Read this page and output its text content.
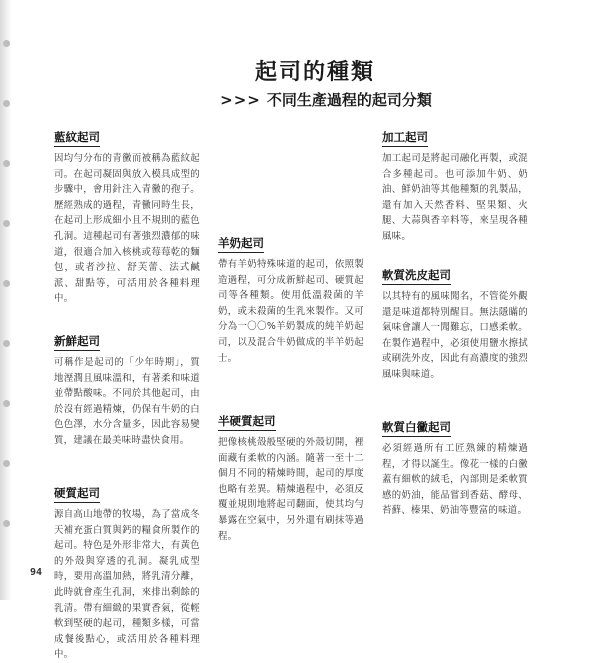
起司的種類
>>> 不同生產過程的起司分類
藍紋起司
因均勻分布的青黴而被稱為藍紋起司。在起司凝固與放入模具成型的步驟中，會用針注入青黴的孢子。歷經熟成的過程，青黴同時生長，在起司上形成細小且不規則的藍色孔洞。這種起司有著強烈濃郁的味道，很適合加入核桃或莓莓乾的麵包，或者沙拉、舒芙蕾、法式鹹派、甜點等，可活用於各種料理中。
新鮮起司
可稱作是起司的「少年時期」，質地溼潤且風味溫和，有著柔和味道並帶點酸味。不同於其他起司，由於沒有經過精煉，仍保有牛奶的白色色澤，水分含量多，因此容易變質，建議在最美味時盡快食用。
硬質起司
源自高山地帶的牧場，為了當成冬天補充蛋白質與鈣的糧食所製作的起司。特色是外形非常大，有黃色的外殼與穿透的孔洞。凝乳成型時，要用高溫加熱，將乳清分離，此時就會產生孔洞，來排出剩餘的乳清。帶有細緻的果實香氣，從輕軟到堅硬的起司，種類多樣，可當成餐後點心，或活用於各種料理中。
羊奶起司
帶有羊奶特殊味道的起司，依照製造過程，可分成新鮮起司、硬質起司等各種類。使用低溫殺菌的羊奶，或未殺菌的生乳來製作。又可分為一〇〇%羊奶製成的純羊奶起司，以及混合牛奶做成的半羊奶起士。
半硬質起司
把像核桃殼般堅硬的外殼切開，裡面藏有柔軟的內涵。隨著一至十二個月不同的精煉時間，起司的厚度也略有差異。精煉過程中，必須反覆並規則地將起司翻面，使其均勻暴露在空氣中，另外還有刷抹等過程。
加工起司
加工起司是將起司融化再製，或混合多種起司。也可添加牛奶、奶油、鮮奶油等其他種類的乳製品，還有加入天然香料、堅果類、火腿、大蒜與香辛料等，來呈現各種風味。
軟質洗皮起司
以其特有的風味聞名，不管從外觀還是味道都特別醒目。無法隱瞞的氣味會讓人一聞難忘，口感柔軟。在製作過程中，必須使用鹽水擦拭或刷洗外皮，因此有高濃度的強烈風味與味道。
軟質白黴起司
必須經過所有工匠熟練的精煉過程，才得以誕生。像花一樣的白黴蓋有細軟的絨毛，內部則是柔軟質感的奶油，能品嘗到香菇、酵母、苔蘚、榛果、奶油等豐富的味道。
94
